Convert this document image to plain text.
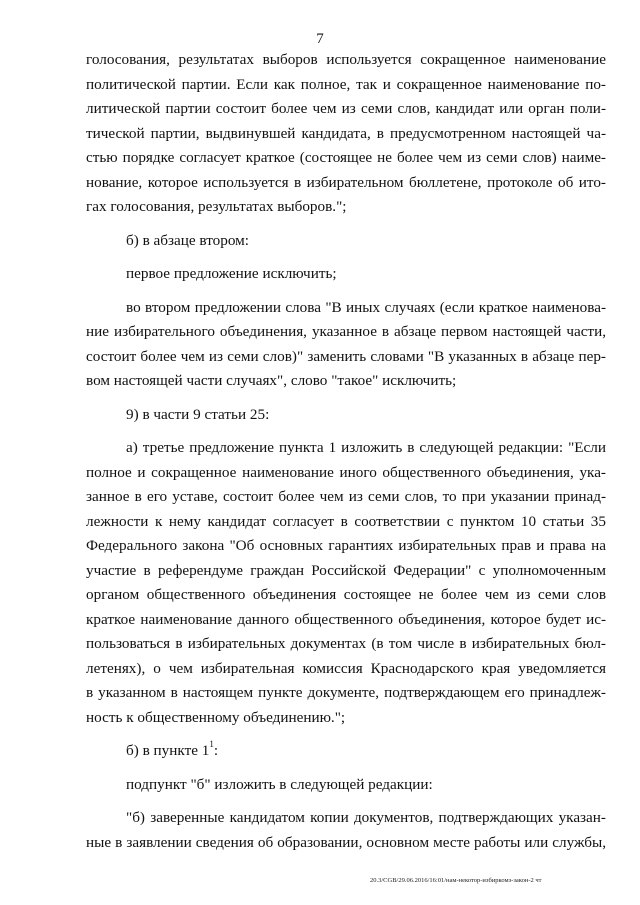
7
голосования, результатах выборов используется сокращенное наименование
политической партии. Если как полное, так и сокращенное наименование по-
литической партии состоит более чем из семи слов, кандидат или орган поли-
тической партии, выдвинувшей кандидата, в предусмотренном настоящей ча-
стью порядке согласует краткое (состоящее не более чем из семи слов) наиме-
нование, которое используется в избирательном бюллетене, протоколе об ито-
гах голосования, результатах выборов.";
б) в абзаце втором:
первое предложение исключить;
во втором предложении слова "В иных случаях (если краткое наименова-
ние избирательного объединения, указанное в абзаце первом настоящей части,
состоит более чем из семи слов)" заменить словами "В указанных в абзаце пер-
вом настоящей части случаях", слово "такое" исключить;
9) в части 9 статьи 25:
а) третье предложение пункта 1 изложить в следующей редакции: "Если
полное и сокращенное наименование иного общественного объединения, ука-
занное в его уставе, состоит более чем из семи слов, то при указании принад-
лежности к нему кандидат согласует в соответствии с пунктом 10 статьи 35
Федерального закона "Об основных гарантиях избирательных прав и права на
участие в референдуме граждан Российской Федерации" с уполномоченным
органом общественного объединения состоящее не более чем из семи слов
краткое наименование данного общественного объединения, которое будет ис-
пользоваться в избирательных документах (в том числе в избирательных бюл-
летенях), о чем избирательная комиссия Краснодарского края уведомляется
в указанном в настоящем пункте документе, подтверждающем его принадлеж-
ность к общественному объединению.";
б) в пункте $1^1$:
подпункт "б" изложить в следующей редакции:
"б) заверенные кандидатом копии документов, подтверждающих указан-
ные в заявлении сведения об образовании, основном месте работы или службы,
20.3/CGB/29.06.2016/16:01/нам-некотор-избиркомз-закон-2 чт
